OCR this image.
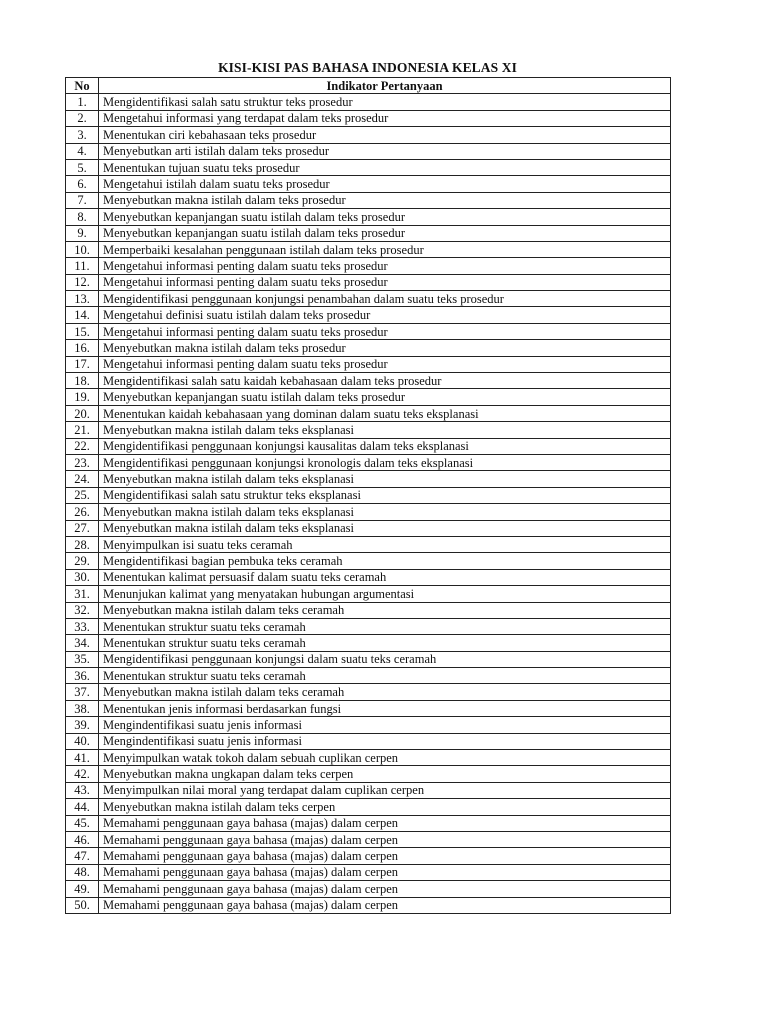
KISI-KISI PAS BAHASA INDONESIA KELAS XI
No	Indikator Pertanyaan
1.	Mengidentifikasi salah satu struktur teks prosedur
2.	Mengetahui informasi yang terdapat dalam teks prosedur
3.	Menentukan ciri kebahasaan teks prosedur
4.	Menyebutkan arti istilah dalam teks prosedur
5.	Menentukan tujuan suatu teks prosedur
6.	Mengetahui istilah dalam suatu teks prosedur
7.	Menyebutkan makna istilah dalam teks prosedur
8.	Menyebutkan kepanjangan suatu istilah dalam teks prosedur
9.	Menyebutkan kepanjangan suatu istilah dalam teks prosedur
10.	Memperbaiki kesalahan penggunaan istilah dalam teks prosedur
11.	Mengetahui informasi penting dalam suatu teks prosedur
12.	Mengetahui informasi penting dalam suatu teks prosedur
13.	Mengidentifikasi penggunaan konjungsi penambahan dalam suatu teks prosedur
14.	Mengetahui definisi suatu istilah dalam teks prosedur
15.	Mengetahui informasi penting dalam suatu teks prosedur
16.	Menyebutkan makna istilah dalam teks prosedur
17.	Mengetahui informasi penting dalam suatu teks prosedur
18.	Mengidentifikasi salah satu kaidah kebahasaan dalam teks prosedur
19.	Menyebutkan kepanjangan suatu istilah dalam teks prosedur
20.	Menentukan kaidah kebahasaan yang dominan dalam suatu teks eksplanasi
21.	Menyebutkan makna istilah dalam teks eksplanasi
22.	Mengidentifikasi penggunaan konjungsi kausalitas dalam teks eksplanasi
23.	Mengidentifikasi penggunaan konjungsi kronologis dalam teks eksplanasi
24.	Menyebutkan makna istilah dalam teks eksplanasi
25.	Mengidentifikasi salah satu struktur teks eksplanasi
26.	Menyebutkan makna istilah dalam teks eksplanasi
27.	Menyebutkan makna istilah dalam teks eksplanasi
28.	Menyimpulkan isi suatu teks ceramah
29.	Mengidentifikasi bagian pembuka teks ceramah
30.	Menentukan kalimat persuasif dalam suatu teks ceramah
31.	Menunjukan kalimat yang menyatakan hubungan argumentasi
32.	Menyebutkan makna istilah dalam teks ceramah
33.	Menentukan struktur suatu teks ceramah
34.	Menentukan struktur suatu teks ceramah
35.	Mengidentifikasi penggunaan konjungsi dalam suatu teks ceramah
36.	Menentukan struktur suatu teks ceramah
37.	Menyebutkan makna istilah dalam teks ceramah
38.	Menentukan jenis informasi berdasarkan fungsi
39.	Mengindentifikasi suatu jenis informasi
40.	Mengindentifikasi suatu jenis informasi
41.	Menyimpulkan watak tokoh dalam sebuah cuplikan cerpen
42.	Menyebutkan makna ungkapan dalam teks cerpen
43.	Menyimpulkan nilai moral yang terdapat dalam cuplikan cerpen
44.	Menyebutkan makna istilah dalam teks cerpen
45.	Memahami penggunaan gaya bahasa (majas) dalam cerpen
46.	Memahami penggunaan gaya bahasa (majas) dalam cerpen
47.	Memahami penggunaan gaya bahasa (majas) dalam cerpen
48.	Memahami penggunaan gaya bahasa (majas) dalam cerpen
49.	Memahami penggunaan gaya bahasa (majas) dalam cerpen
50.	Memahami penggunaan gaya bahasa (majas) dalam cerpen
